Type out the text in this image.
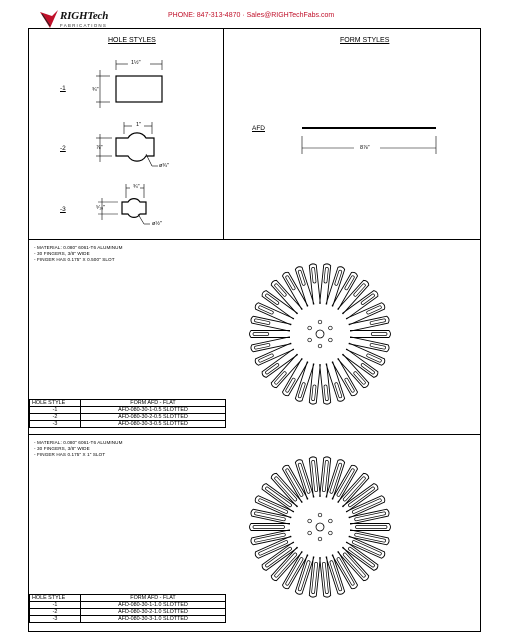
RIGHTech
FABRICATIONS
PHONE: 847-313-4870 · Sales@RIGHTechFabs.com
HOLE STYLES
-1
1½"
¾"
-2
1"
⅞"
ø¾"
-3
¾"
⁵⁄₁₆"
ø½"
FORM STYLES
AFD
8⅞"
- MATERIAL: 0.080" 6061-T6 ALUMINUM
- 30 FINGERS, 3/8" WIDE
- FINGER HAS 0.175" X 0.500" SLOT
HOLE STYLE	FORM AFD - FLAT
-1	AFD-080-30-1-0.5 SLOTTED
-2	AFD-080-30-2-0.5 SLOTTED
-3	AFD-080-30-3-0.5 SLOTTED
- MATERIAL: 0.080" 6061-T6 ALUMINUM
- 30 FINGERS, 3/8" WIDE
- FINGER HAS 0.175" X 1" SLOT
HOLE STYLE	FORM AFD - FLAT
-1	AFD-080-30-1-1.0 SLOTTED
-2	AFD-080-30-2-1.0 SLOTTED
-3	AFD-080-30-3-1.0 SLOTTED
